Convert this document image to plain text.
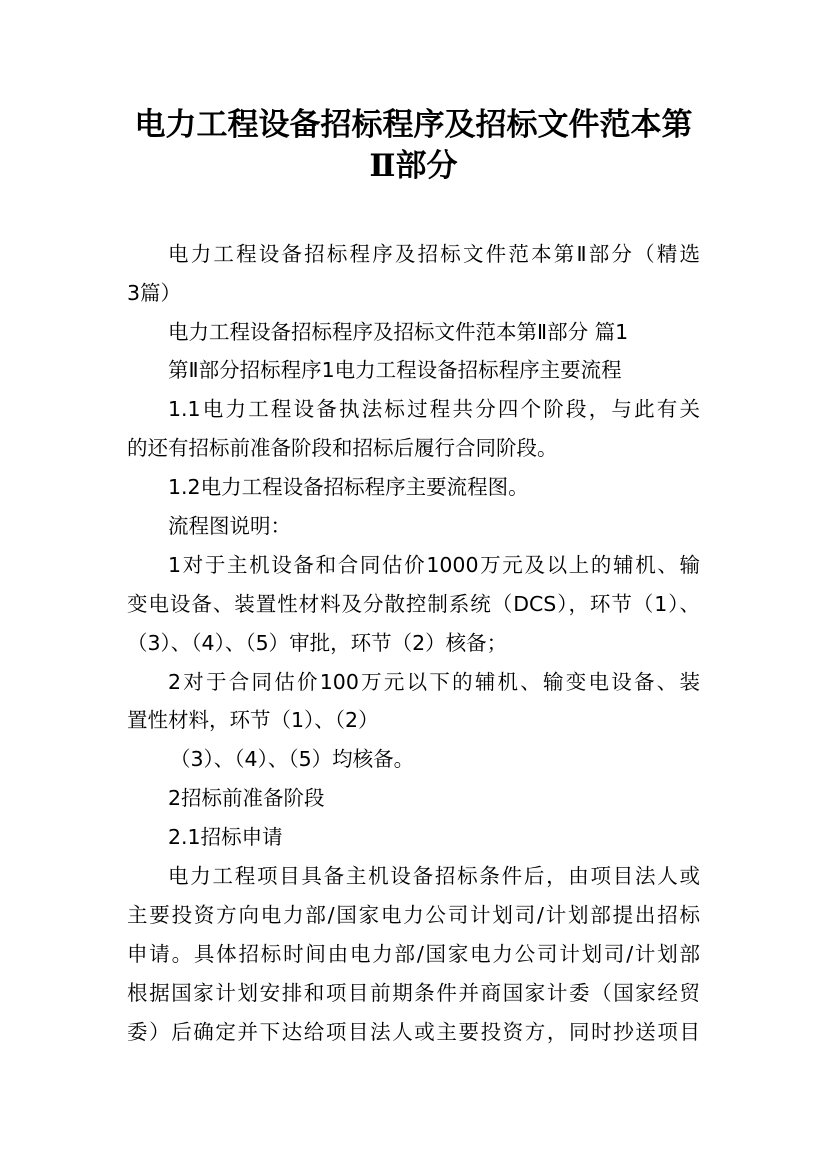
电力工程设备招标程序及招标文件范本第
Ⅱ部分

电力工程设备招标程序及招标文件范本第Ⅱ部分（精选

3篇）

电力工程设备招标程序及招标文件范本第Ⅱ部分 篇1

第Ⅱ部分招标程序1电力工程设备招标程序主要流程

1.1电力工程设备执法标过程共分四个阶段，与此有关

的还有招标前准备阶段和招标后履行合同阶段。

1.2电力工程设备招标程序主要流程图。

流程图说明：

1对于主机设备和合同估价1000万元及以上的辅机、输

变电设备、装置性材料及分散控制系统（DCS），环节（1）、

（3）、（4）、（5）审批，环节（2）核备；

2对于合同估价100万元以下的辅机、输变电设备、装

置性材料，环节（1）、（2）

（3）、（4）、（5）均核备。

2招标前准备阶段

2.1招标申请

电力工程项目具备主机设备招标条件后，由项目法人或

主要投资方向电力部/国家电力公司计划司/计划部提出招标

申请。具体招标时间由电力部/国家电力公司计划司/计划部

根据国家计划安排和项目前期条件并商国家计委（国家经贸

委）后确定并下达给项目法人或主要投资方，同时抄送项目
